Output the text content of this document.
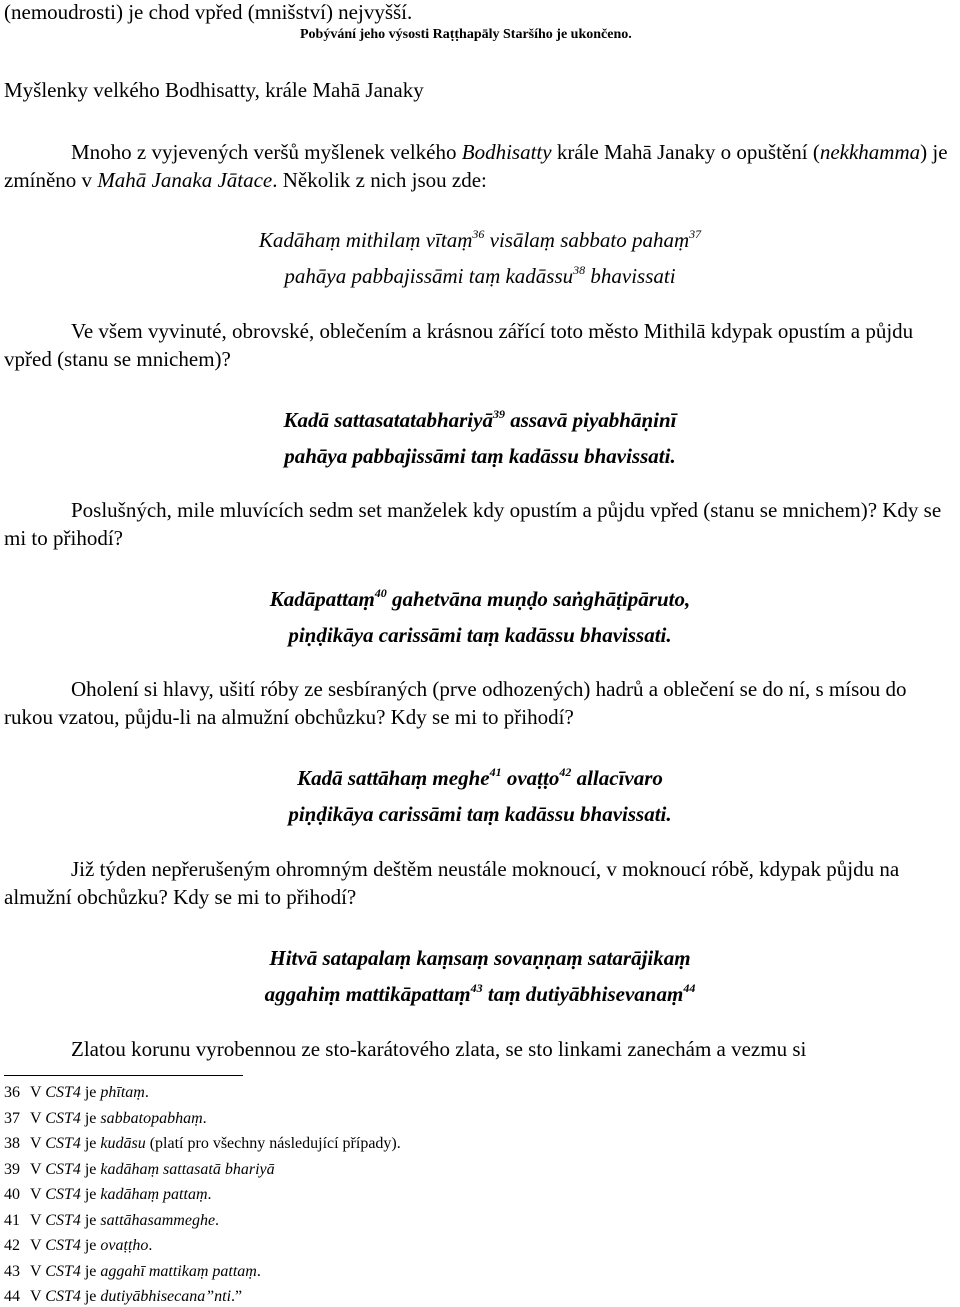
(nemoudrosti) je chod vpřed (mnišství) nejvyšší.
Pobývání jeho výsosti Raṭṭhapāly Staršího je ukončeno.
Myšlenky velkého Bodhisatty, krále Mahā Janaky
Mnoho z vyjevených veršů myšlenek velkého Bodhisatty krále Mahā Janaky o opuštění (nekkhamma) je zmíněno v Mahā Janaka Jātace. Několik z nich jsou zde:
Kadāhaṃ mithilaṃ vītaṃ$^{36}$ visālaṃ sabbato pahaṃ$^{37}$
pahāya pabbajissāmi taṃ kadāssu$^{38}$ bhavissati
Ve všem vyvinuté, obrovské, oblečením a krásnou zářící toto město Mithilā kdypak opustím a půjdu vpřed (stanu se mnichem)?
Kadā sattasatatabhariyā$^{39}$ assavā piyabhāṇinī
pahāya pabbajissāmi taṃ kadāssu bhavissati.
Poslušných, mile mluvících sedm set manželek kdy opustím a půjdu vpřed (stanu se mnichem)? Kdy se mi to přihodí?
Kadāpattaṃ$^{40}$ gahetvāna muṇḍo saṅghāṭipāruto,
piṇḍikāya carissāmi taṃ kadāssu bhavissati.
Oholení si hlavy, ušití róby ze sesbíraných (prve odhozených) hadrů a oblečení se do ní, s mísou do rukou vzatou, půjdu-li na almužní obchůzku? Kdy se mi to přihodí?
Kadā sattāhaṃ meghe$^{41}$ ovaṭṭo$^{42}$ allacīvaro
piṇḍikāya carissāmi taṃ kadāssu bhavissati.
Již týden nepřerušeným ohromným deštěm neustále moknoucí, v moknoucí róbě, kdypak půjdu na almužní obchůzku? Kdy se mi to přihodí?
Hitvā satapalaṃ kaṃsaṃ sovaṇṇaṃ satarājikaṃ
aggahiṃ mattikāpattaṃ$^{43}$ taṃ dutiyābhisevanaṃ$^{44}$
Zlatou korunu vyrobennou ze sto-karátového zlata, se sto linkami zanechám a vezmu si
36 V CST4 je phītaṃ.
37 V CST4 je sabbatopabhaṃ.
38 V CST4 je kudāsu (platí pro všechny následující případy).
39 V CST4 je kadāhaṃ sattasatā bhariyā
40 V CST4 je kadāhaṃ pattaṃ.
41 V CST4 je sattāhasammeghe.
42 V CST4 je ovaṭṭho.
43 V CST4 je aggahī mattikaṃ pattaṃ.
44 V CST4 je dutiyābhisecana”nti.”
